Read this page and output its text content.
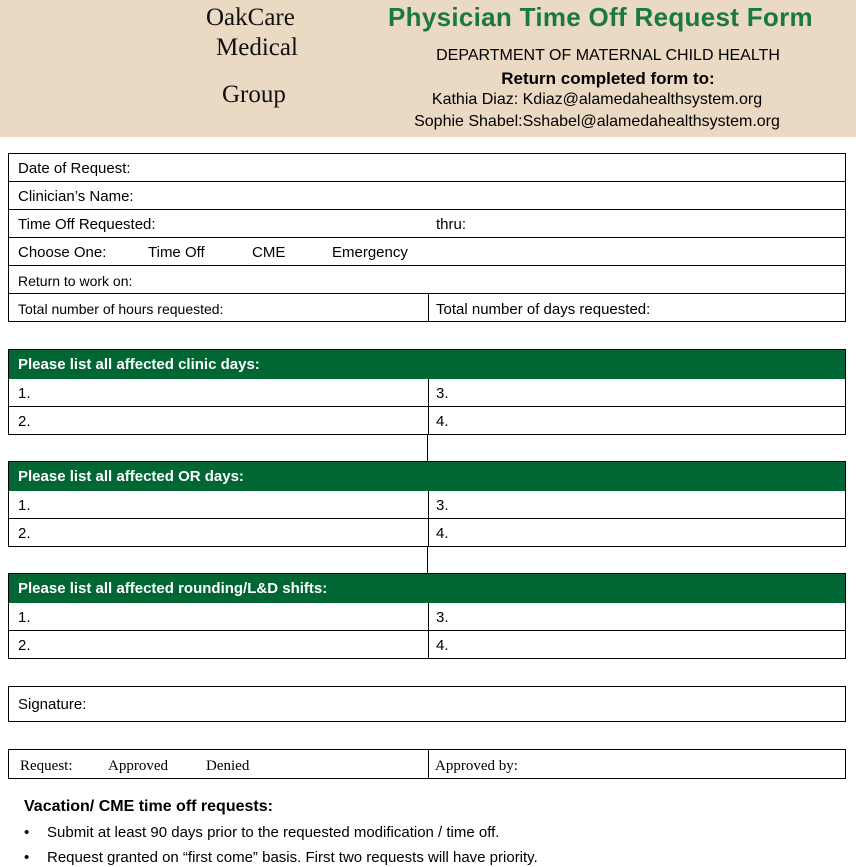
OakCare
Medical
Group
Physician Time Off Request Form
DEPARTMENT OF MATERNAL CHILD HEALTH
Return completed form to:
Kathia Diaz: Kdiaz@alamedahealthsystem.org
Sophie Shabel:Sshabel@alamedahealthsystem.org
Date of Request:
Clinician’s Name:
Time Off Requested:	thru:
Choose One:	Time Off	CME	Emergency
Return to work on:
Total number of hours requested:	Total number of days requested:
Please list all affected clinic days:
1.	3.
2.	4.
Please list all affected OR days:
1.	3.
2.	4.
Please list all affected rounding/L&D shifts:
1.	3.
2.	4.
Signature:
Request: Approved	Denied	Approved by:
Vacation/ CME time off requests:
• Submit at least 90 days prior to the requested modification / time off.
• Request granted on “first come” basis. First two requests will have priority.
